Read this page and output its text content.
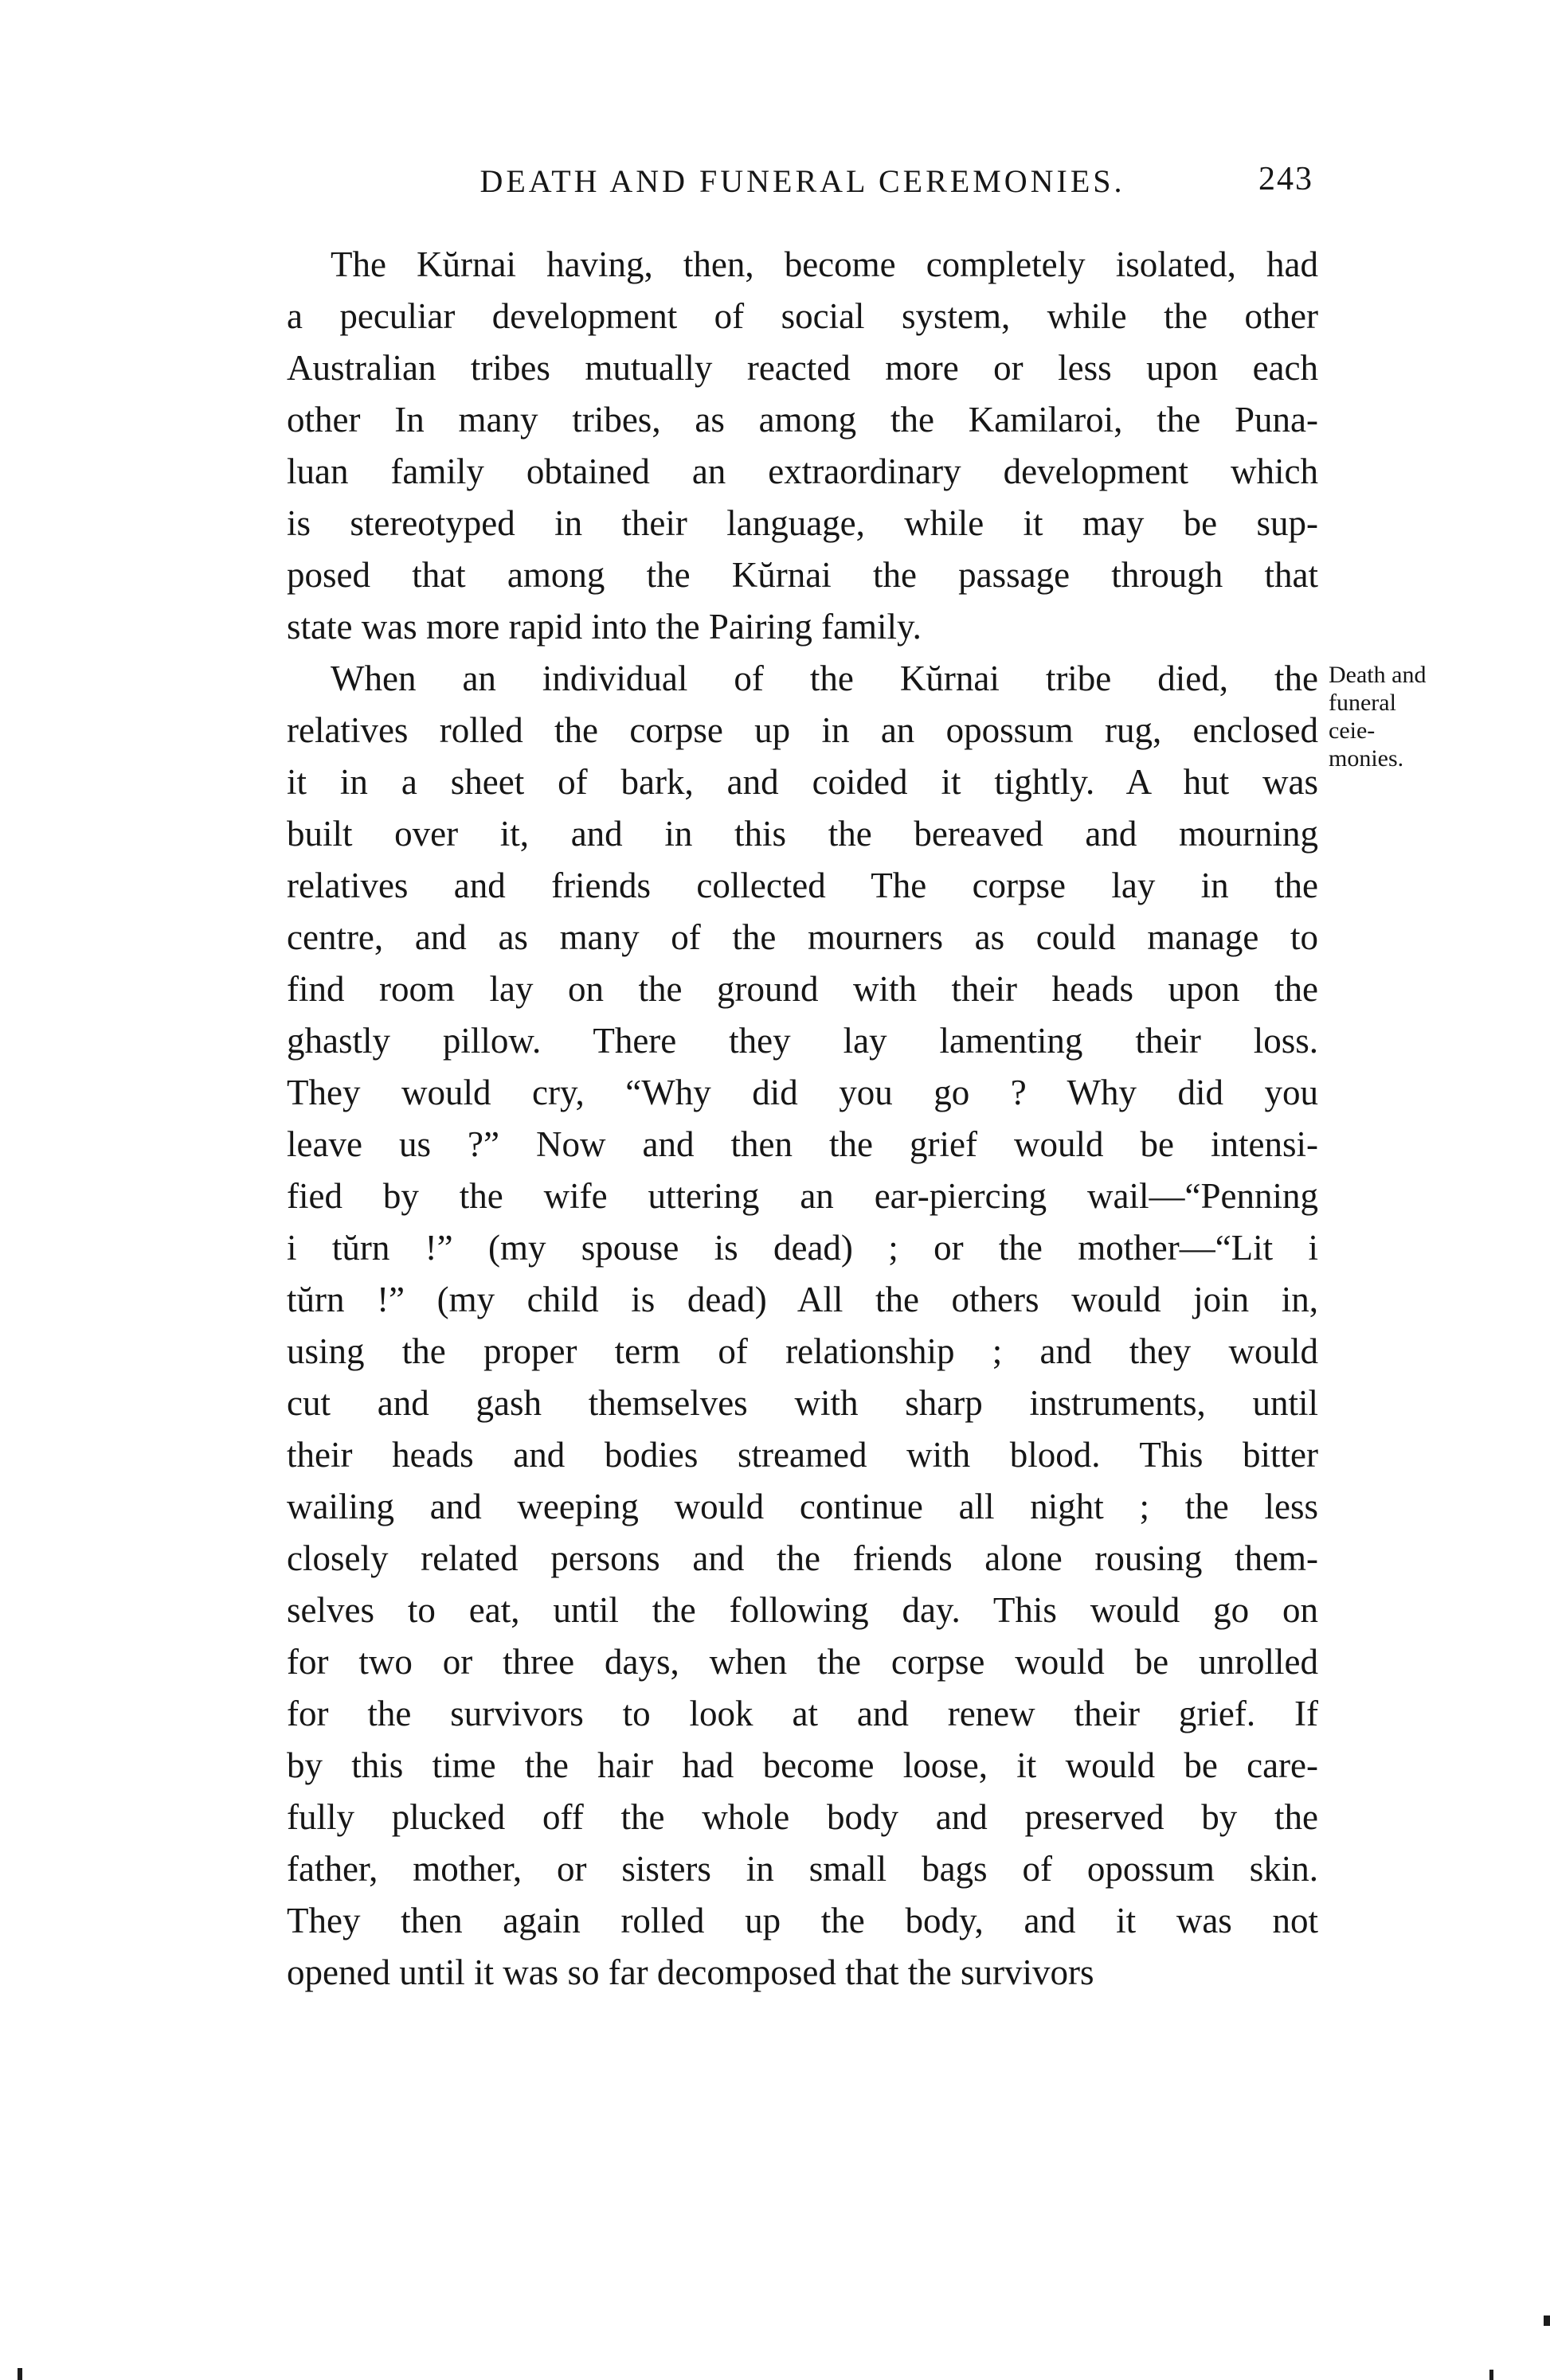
DEATH AND FUNERAL CEREMONIES.	243
The Kŭrnai having, then, become completely isolated, had
a peculiar development of social system, while the other
Australian tribes mutually reacted more or less upon each
other In many tribes, as among the Kamilaroi, the Puna-
luan family obtained an extraordinary development which
is stereotyped in their language, while it may be sup-
posed that among the Kŭrnai the passage through that
state was more rapid into the Pairing family.
When an individual of the Kŭrnai tribe died, the
relatives rolled the corpse up in an opossum rug, enclosed
it in a sheet of bark, and coided it tightly. A hut was
built over it, and in this the bereaved and mourning
relatives and friends collected The corpse lay in the
centre, and as many of the mourners as could manage to
find room lay on the ground with their heads upon the
ghastly pillow. There they lay lamenting their loss.
They would cry, “Why did you go ? Why did you
leave us ?” Now and then the grief would be intensi-
fied by the wife uttering an ear-piercing wail—“Penning
i tŭrn !” (my spouse is dead) ; or the mother—“Lit i
tŭrn !” (my child is dead) All the others would join in,
using the proper term of relationship ; and they would
cut and gash themselves with sharp instruments, until
their heads and bodies streamed with blood. This bitter
wailing and weeping would continue all night ; the less
closely related persons and the friends alone rousing them-
selves to eat, until the following day. This would go on
for two or three days, when the corpse would be unrolled
for the survivors to look at and renew their grief. If
by this time the hair had become loose, it would be care-
fully plucked off the whole body and preserved by the
father, mother, or sisters in small bags of opossum skin.
They then again rolled up the body, and it was not
opened until it was so far decomposed that the survivors
Death and
funeral
ceie-
monies.
